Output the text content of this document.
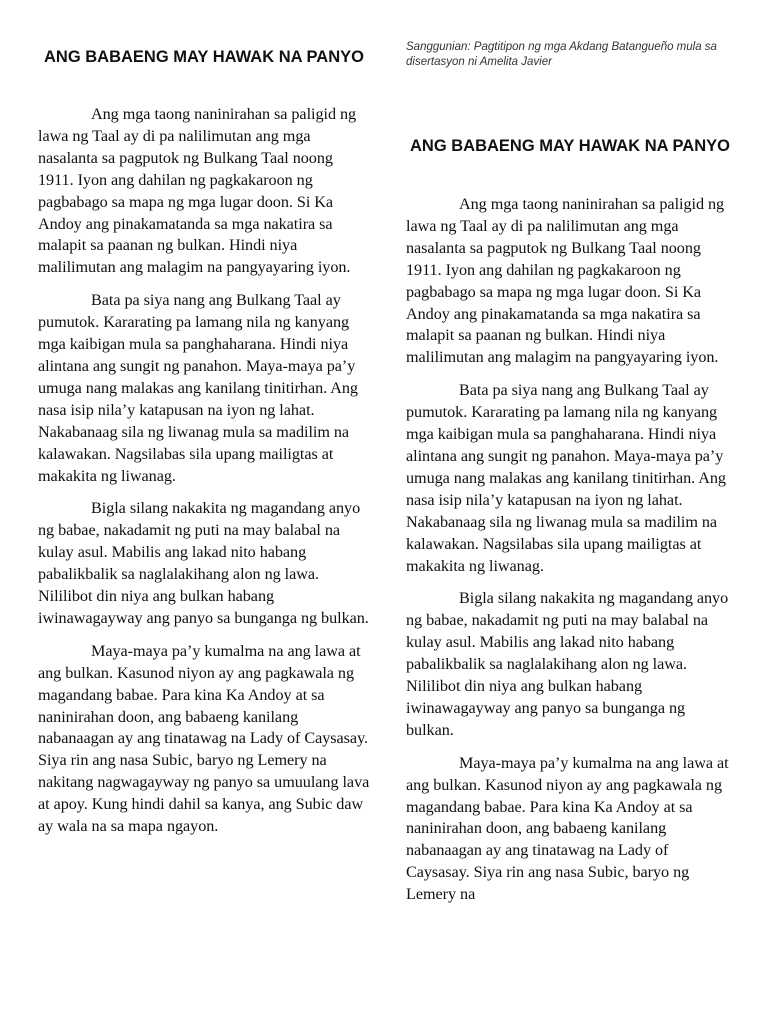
Sanggunian: Pagtitipon ng mga Akdang Batangueño mula sa disertasyon ni Amelita Javier
ANG BABAENG MAY HAWAK NA PANYO

Ang mga taong naninirahan sa paligid ng lawa ng Taal ay di pa nalilimutan ang mga nasalanta sa pagputok ng Bulkang Taal noong 1911. Iyon ang dahilan ng pagkakaroon ng pagbabago sa mapa ng mga lugar doon. Si Ka Andoy ang pinakamatanda sa mga nakatira sa malapit sa paanan ng bulkan. Hindi niya malilimutan ang malagim na pangyayaring iyon.

Bata pa siya nang ang Bulkang Taal ay pumutok. Kararating pa lamang nila ng kanyang mga kaibigan mula sa panghaharana. Hindi niya alintana ang sungit ng panahon. Maya-maya pa’y umuga nang malakas ang kanilang tinitirhan. Ang nasa isip nila’y katapusan na iyon ng lahat. Nakabanaag sila ng liwanag mula sa madilim na kalawakan. Nagsilabas sila upang mailigtas at makakita ng liwanag.

Bigla silang nakakita ng magandang anyo ng babae, nakadamit ng puti na may balabal na kulay asul. Mabilis ang lakad nito habang pabalikbalik sa naglalakihang alon ng lawa. Nililibot din niya ang bulkan habang iwinawagayway ang panyo sa bunganga ng bulkan.

Maya-maya pa’y kumalma na ang lawa at ang bulkan. Kasunod niyon ay ang pagkawala ng magandang babae. Para kina Ka Andoy at sa naninirahan doon, ang babaeng kanilang nabanaagan ay ang tinatawag na Lady of Caysasay. Siya rin ang nasa Subic, baryo ng Lemery na nakitang nagwagayway ng panyo sa umuulang lava at apoy. Kung hindi dahil sa kanya, ang Subic daw ay wala na sa mapa ngayon.

ANG BABAENG MAY HAWAK NA PANYO

Ang mga taong naninirahan sa paligid ng lawa ng Taal ay di pa nalilimutan ang mga nasalanta sa pagputok ng Bulkang Taal noong 1911. Iyon ang dahilan ng pagkakaroon ng pagbabago sa mapa ng mga lugar doon. Si Ka Andoy ang pinakamatanda sa mga nakatira sa malapit sa paanan ng bulkan. Hindi niya malilimutan ang malagim na pangyayaring iyon.

Bata pa siya nang ang Bulkang Taal ay pumutok. Kararating pa lamang nila ng kanyang mga kaibigan mula sa panghaharana. Hindi niya alintana ang sungit ng panahon. Maya-maya pa’y umuga nang malakas ang kanilang tinitirhan. Ang nasa isip nila’y katapusan na iyon ng lahat. Nakabanaag sila ng liwanag mula sa madilim na kalawakan. Nagsilabas sila upang mailigtas at makakita ng liwanag.

Bigla silang nakakita ng magandang anyo ng babae, nakadamit ng puti na may balabal na kulay asul. Mabilis ang lakad nito habang pabalikbalik sa naglalakihang alon ng lawa. Nililibot din niya ang bulkan habang iwinawagayway ang panyo sa bunganga ng bulkan.

Maya-maya pa’y kumalma na ang lawa at ang bulkan. Kasunod niyon ay ang pagkawala ng magandang babae. Para kina Ka Andoy at sa naninirahan doon, ang babaeng kanilang nabanaagan ay ang tinatawag na Lady of Caysasay. Siya rin ang nasa Subic, baryo ng Lemery na
